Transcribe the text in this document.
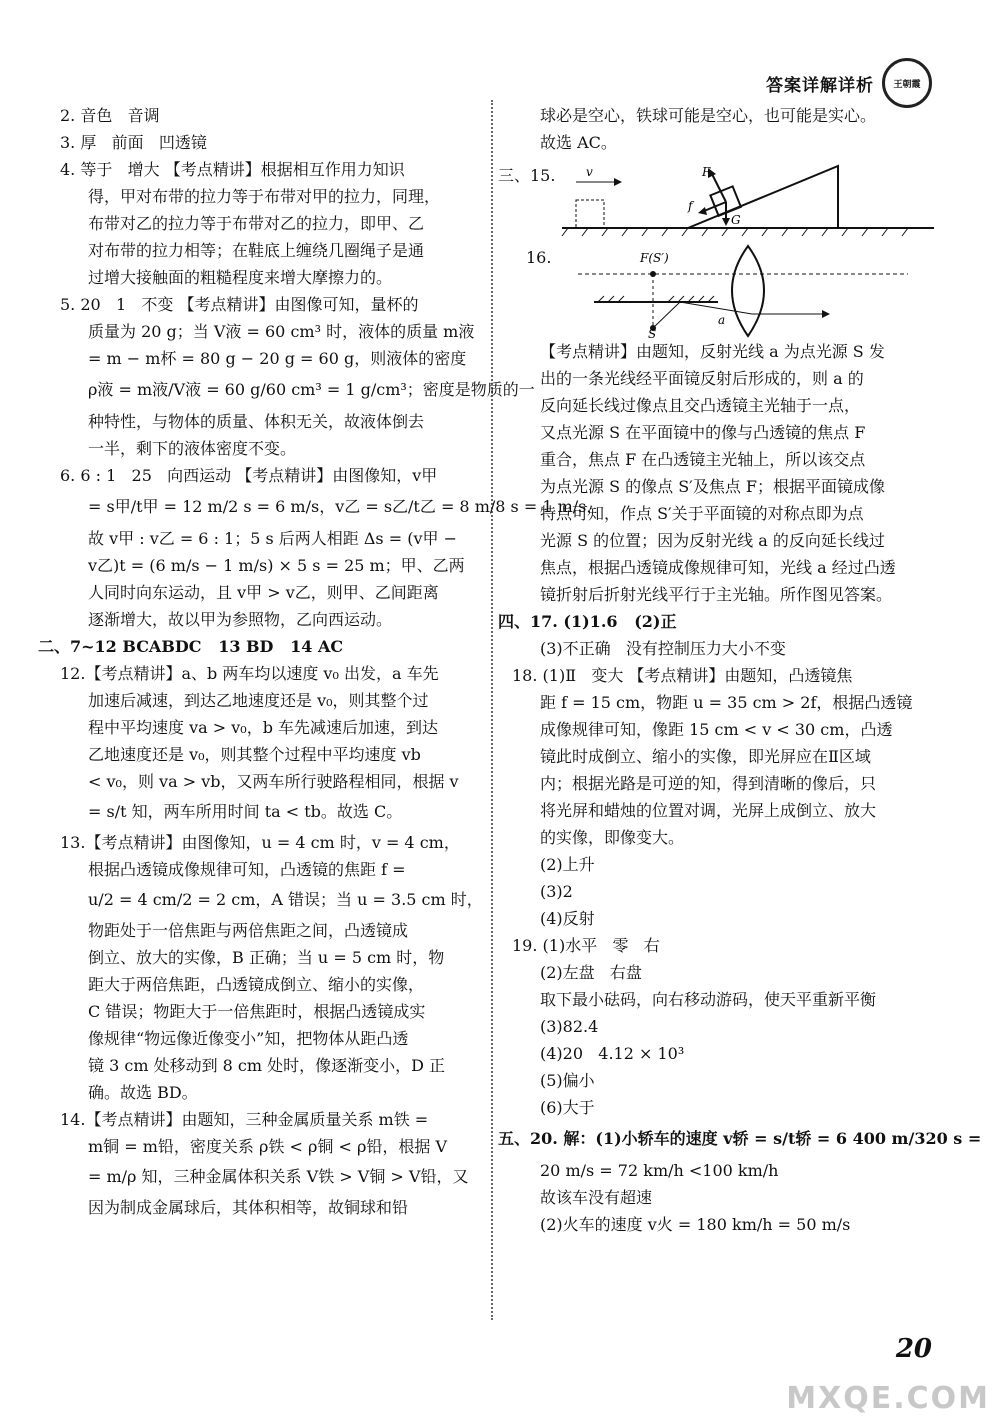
答案详解详析 王朝霞
2. 音色   音调
3. 厚   前面   凹透镜
4. 等于   增大 【考点精讲】根据相互作用力知识
得，甲对布带的拉力等于布带对甲的拉力，同理，
布带对乙的拉力等于布带对乙的拉力，即甲、乙
对布带的拉力相等；在鞋底上缠绕几圈绳子是通
过增大接触面的粗糙程度来增大摩擦力的。
5. 20   1   不变 【考点精讲】由图像可知，量杯的
质量为 20 g；当 V液 = 60 cm³ 时，液体的质量 m液
= m − m杯 = 80 g − 20 g = 60 g，则液体的密度
ρ液 = m液/V液 = 60 g/60 cm³ = 1 g/cm³；密度是物质的一
种特性，与物体的质量、体积无关，故液体倒去
一半，剩下的液体密度不变。
6. 6 : 1   25   向西运动 【考点精讲】由图像知，v甲
= s甲/t甲 = 12 m/2 s = 6 m/s，v乙 = s乙/t乙 = 8 m/8 s = 1 m/s，
故 v甲 : v乙 = 6 : 1；5 s 后两人相距 Δs = (v甲 −
v乙)t = (6 m/s − 1 m/s) × 5 s = 25 m；甲、乙两
人同时向东运动，且 v甲 > v乙，则甲、乙间距离
逐渐增大，故以甲为参照物，乙向西运动。
二、7~12 BCABDC   13 BD   14 AC
12.【考点精讲】a、b 两车均以速度 v₀ 出发，a 车先
加速后减速，到达乙地速度还是 v₀，则其整个过
程中平均速度 va > v₀，b 车先减速后加速，到达
乙地速度还是 v₀，则其整个过程中平均速度 vb
< v₀，则 va > vb，又两车所行驶路程相同，根据 v
= s/t 知，两车所用时间 ta < tb。故选 C。
13.【考点精讲】由图像知，u = 4 cm 时，v = 4 cm，
根据凸透镜成像规律可知，凸透镜的焦距 f =
u/2 = 4 cm/2 = 2 cm，A 错误；当 u = 3.5 cm 时，
物距处于一倍焦距与两倍焦距之间，凸透镜成
倒立、放大的实像，B 正确；当 u = 5 cm 时，物
距大于两倍焦距，凸透镜成倒立、缩小的实像，
C 错误；物距大于一倍焦距时，根据凸透镜成实
像规律“物远像近像变小”知，把物体从距凸透
镜 3 cm 处移动到 8 cm 处时，像逐渐变小，D 正
确。故选 BD。
14.【考点精讲】由题知，三种金属质量关系 m铁 =
m铜 = m铅，密度关系 ρ铁 < ρ铜 < ρ铅，根据 V
= m/ρ 知，三种金属体积关系 V铁 > V铜 > V铅，又
因为制成金属球后，其体积相等，故铜球和铅
球必是空心，铁球可能是空心，也可能是实心。
故选 AC。
三、15.	v	F
f
G
16.	F(S′)
S
a
【考点精讲】由题知，反射光线 a 为点光源 S 发
出的一条光线经平面镜反射后形成的，则 a 的
反向延长线过像点且交凸透镜主光轴于一点，
又点光源 S 在平面镜中的像与凸透镜的焦点 F
重合，焦点 F 在凸透镜主光轴上，所以该交点
为点光源 S 的像点 S′及焦点 F；根据平面镜成像
特点可知，作点 S′关于平面镜的对称点即为点
光源 S 的位置；因为反射光线 a 的反向延长线过
焦点，根据凸透镜成像规律可知，光线 a 经过凸透
镜折射后折射光线平行于主光轴。所作图见答案。
四、17. (1)1.6   (2)正
(3)不正确   没有控制压力大小不变
18. (1)Ⅱ   变大 【考点精讲】由题知，凸透镜焦
距 f = 15 cm，物距 u = 35 cm > 2f，根据凸透镜
成像规律可知，像距 15 cm < v < 30 cm，凸透
镜此时成倒立、缩小的实像，即光屏应在Ⅱ区域
内；根据光路是可逆的知，得到清晰的像后，只
将光屏和蜡烛的位置对调，光屏上成倒立、放大
的实像，即像变大。
(2)上升
(3)2
(4)反射
19. (1)水平   零   右
(2)左盘   右盘
取下最小砝码，向右移动游码，使天平重新平衡
(3)82.4
(4)20   4.12 × 10³
(5)偏小
(6)大于
五、20. 解：(1)小轿车的速度 v轿 = s/t轿 = 6 400 m/320 s =
20 m/s = 72 km/h <100 km/h
故该车没有超速
(2)火车的速度 v火 = 180 km/h = 50 m/s
20
MXQE.COM
